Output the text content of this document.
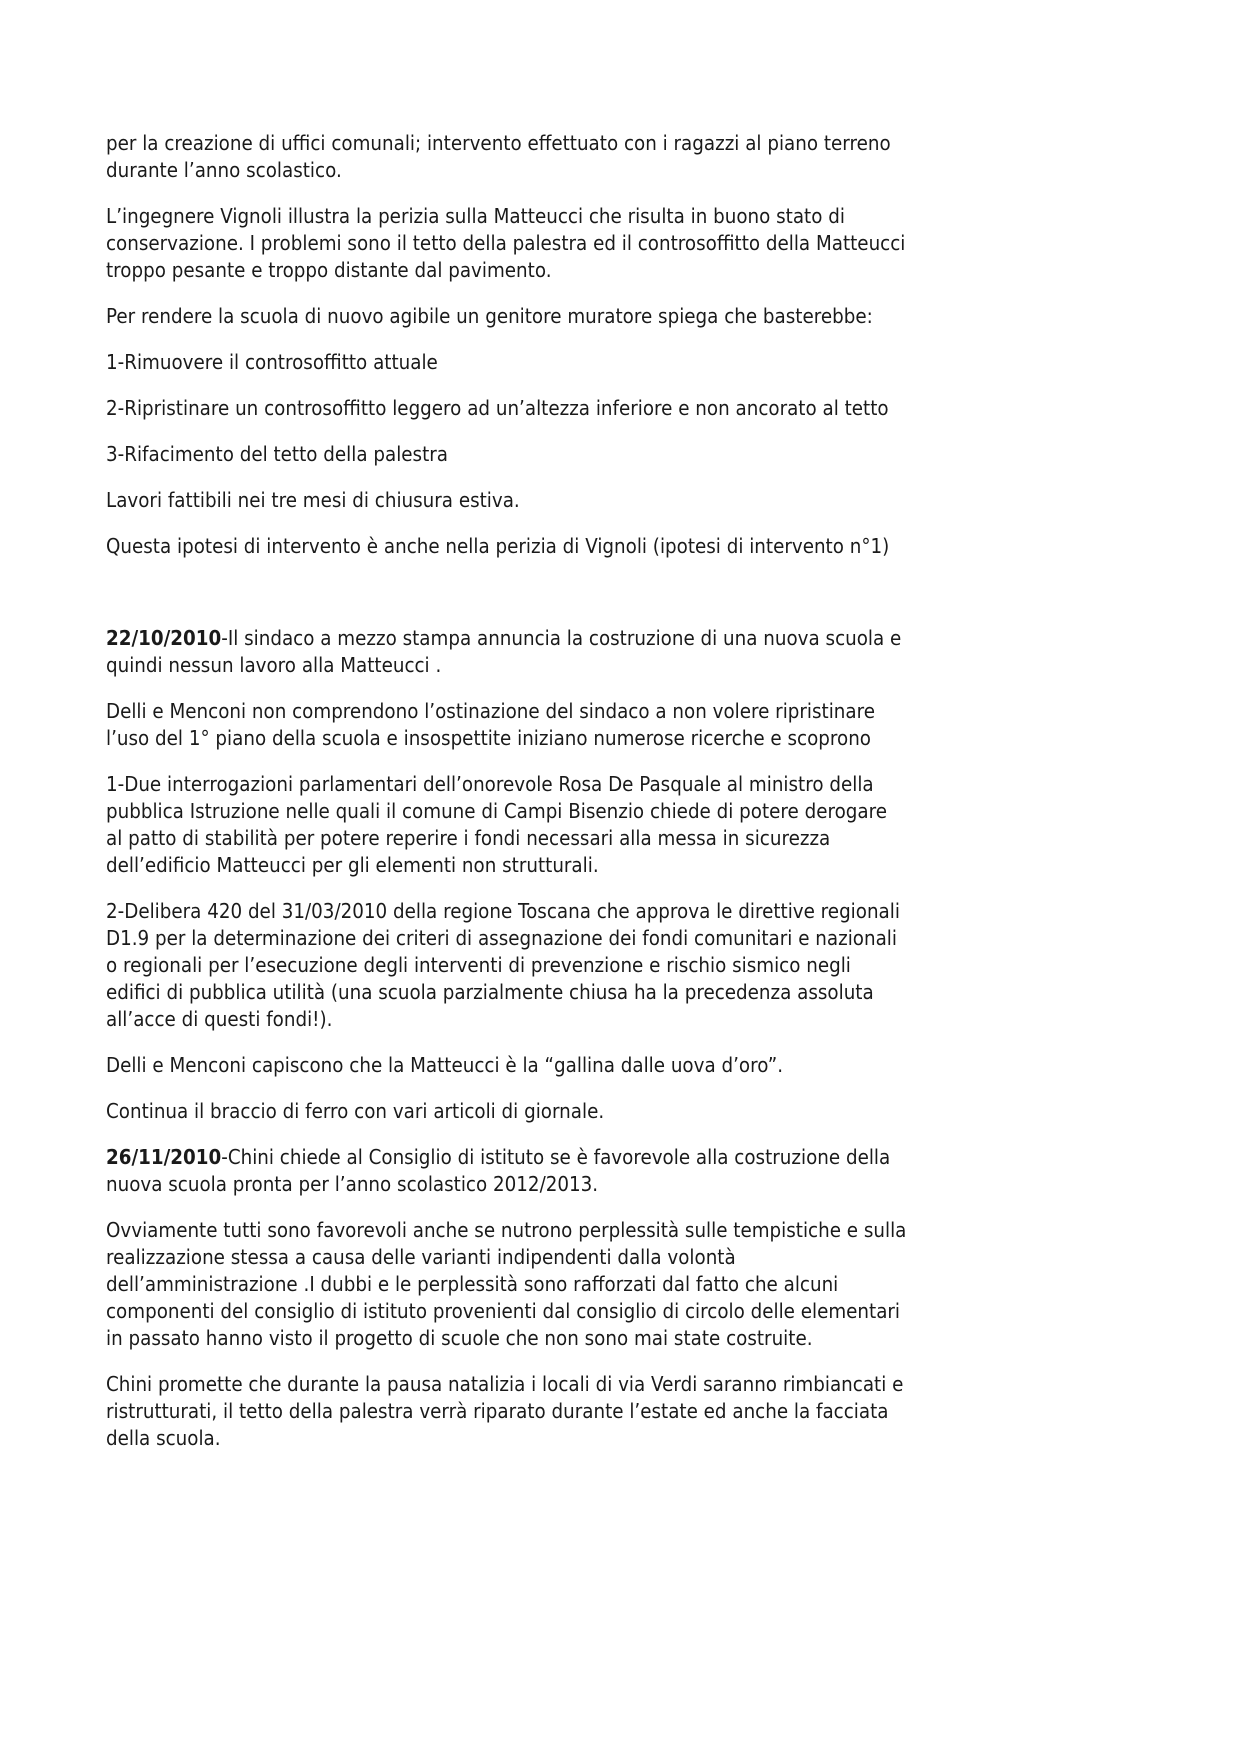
per la creazione di uffici comunali; intervento effettuato con i ragazzi al piano terreno
durante l’anno scolastico.
L’ingegnere Vignoli illustra la perizia sulla Matteucci che risulta in buono stato di
conservazione. I problemi sono il tetto della palestra ed il controsoffitto della Matteucci
troppo pesante e troppo distante dal pavimento.
Per rendere la scuola di nuovo agibile un genitore muratore spiega che basterebbe:
1-Rimuovere il controsoffitto attuale
2-Ripristinare un controsoffitto leggero ad un’altezza inferiore e non ancorato al tetto
3-Rifacimento del tetto della palestra
Lavori fattibili nei tre mesi di chiusura estiva.
Questa ipotesi di intervento è anche nella perizia di Vignoli (ipotesi di intervento n°1)
22/10/2010-Il sindaco a mezzo stampa annuncia la costruzione di una nuova scuola e
quindi nessun lavoro alla Matteucci .
Delli e Menconi non comprendono l’ostinazione del sindaco a non volere ripristinare
l’uso del 1° piano della scuola e insospettite iniziano numerose ricerche e scoprono
1-Due interrogazioni parlamentari dell’onorevole Rosa De Pasquale al ministro della
pubblica Istruzione nelle quali il comune di Campi Bisenzio chiede di potere derogare
al patto di stabilità per potere reperire i fondi necessari alla messa in sicurezza
dell’edificio Matteucci per gli elementi non strutturali.
2-Delibera 420 del 31/03/2010 della regione Toscana che approva le direttive regionali
D1.9 per la determinazione dei criteri di assegnazione dei fondi comunitari e nazionali
o regionali per l’esecuzione degli interventi di prevenzione e rischio sismico negli
edifici di pubblica utilità (una scuola parzialmente chiusa ha la precedenza assoluta
all’acce di questi fondi!).
Delli e Menconi capiscono che la Matteucci è la “gallina dalle uova d’oro”.
Continua il braccio di ferro con vari articoli di giornale.
26/11/2010-Chini chiede al Consiglio di istituto se è favorevole alla costruzione della
nuova scuola pronta per l’anno scolastico 2012/2013.
Ovviamente tutti sono favorevoli anche se nutrono perplessità sulle tempistiche e sulla
realizzazione stessa a causa delle varianti indipendenti dalla volontà
dell’amministrazione .I dubbi e le perplessità sono rafforzati dal fatto che alcuni
componenti del consiglio di istituto provenienti dal consiglio di circolo delle elementari
in passato hanno visto il progetto di scuole che non sono mai state costruite.
Chini promette che durante la pausa natalizia i locali di via Verdi saranno rimbiancati e
ristrutturati, il tetto della palestra verrà riparato durante l’estate ed anche la facciata
della scuola.
